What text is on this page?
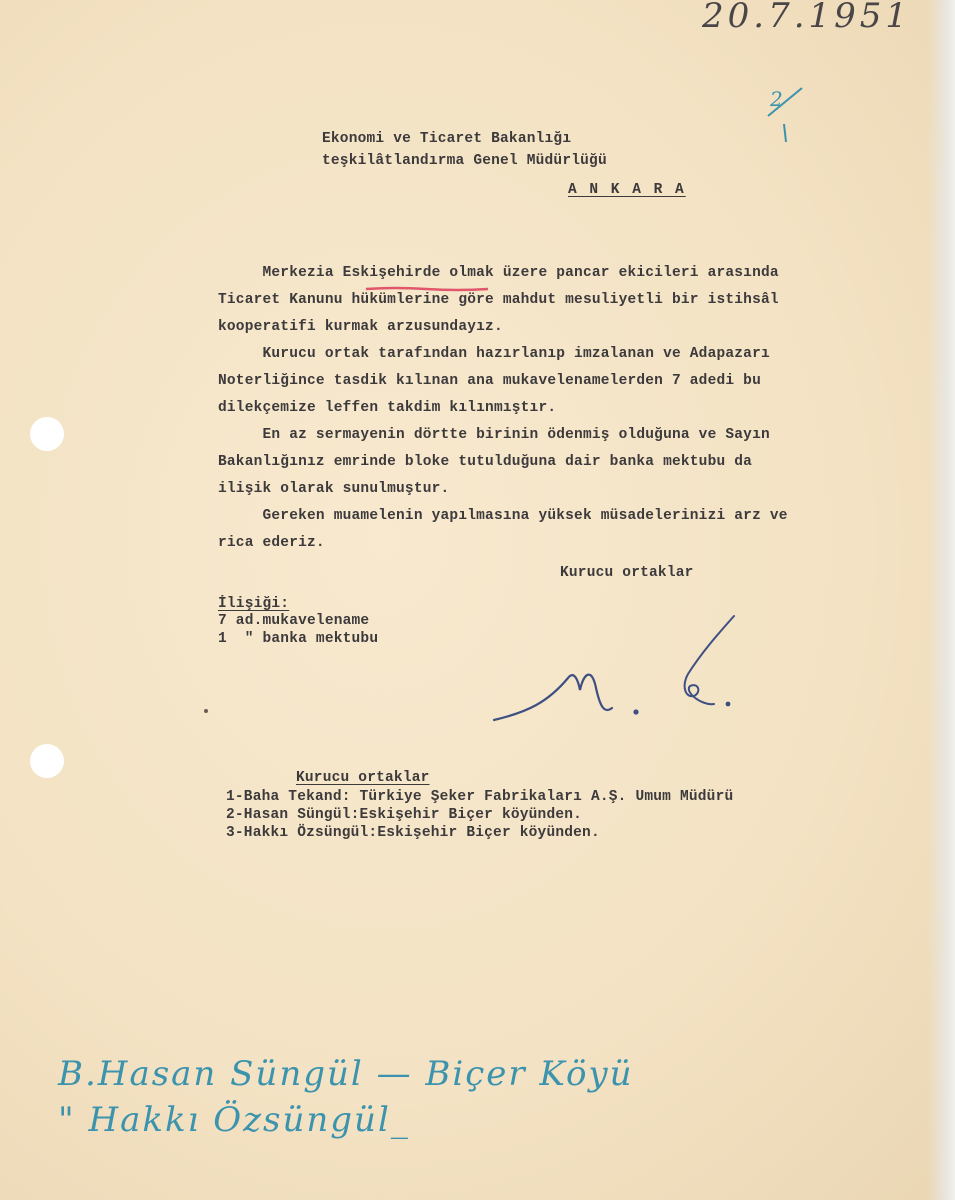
20.7.1951
2
Ekonomi ve Ticaret Bakanlığı
teşkilâtlandırma Genel Müdürlüğü
A N K A R A
Merkezia Eskişehirde olmak üzere pancar ekicileri arasında
Ticaret Kanunu hükümlerine göre mahdut mesuliyetli bir istihsâl
kooperatifi kurmak arzusundayız.
Kurucu ortak tarafından hazırlanıp imzalanan ve Adapazarı
Noterliğince tasdik kılınan ana mukavelenamelerden 7 adedi bu
dilekçemize leffen takdim kılınmıştır.
En az sermayenin dörtte birinin ödenmiş olduğuna ve Sayın
Bakanlığınız emrinde bloke tutulduğuna dair banka mektubu da
ilişik olarak sunulmuştur.
Gereken muamelenin yapılmasına yüksek müsadelerinizi arz ve
rica ederiz.
Kurucu ortaklar
İlişiği:
7 ad.mukavelename
1  " banka mektubu
Kurucu ortaklar
1-Baha Tekand: Türkiye Şeker Fabrikaları A.Ş. Umum Müdürü
2-Hasan Süngül:Eskişehir Biçer köyünden.
3-Hakkı Özsüngül:Eskişehir Biçer köyünden.
B.Hasan Süngül — Biçer Köyü
" Hakkı Özsüngül_
